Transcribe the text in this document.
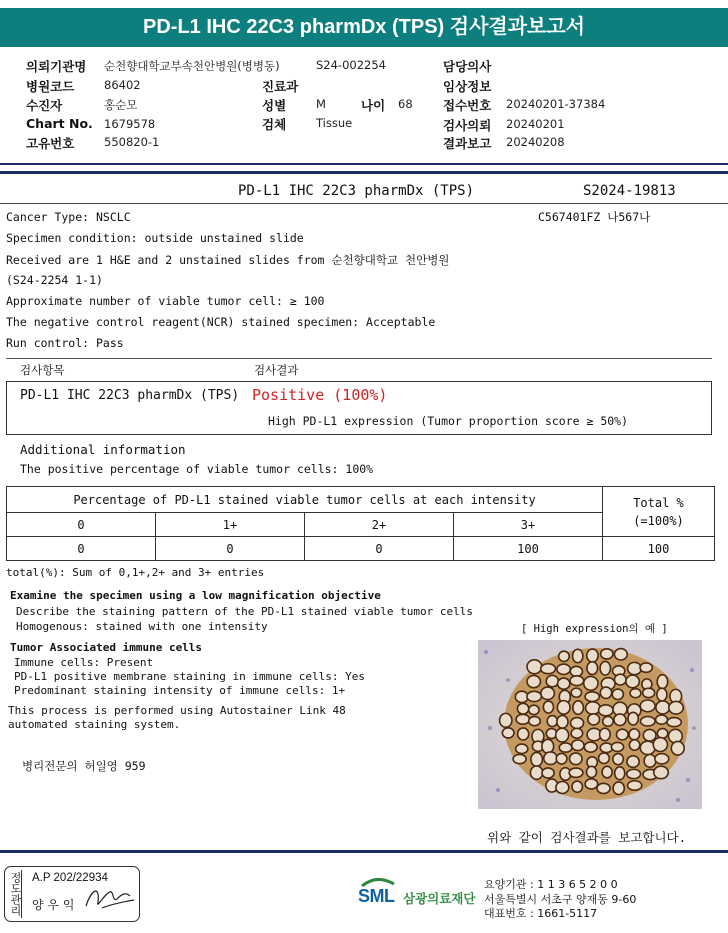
PD-L1 IHC 22C3 pharmDx (TPS) 검사결과보고서
의뢰기관명 순천향대학교부속천안병원(병병동)	S24-002254	담당의사
병원코드	86402	진료과	임상정보
수진자	홍순모	성별	M	나이 68 접수번호 20240201-37384
Chart No. 1679578	검체	Tissue	검사의뢰 20240201
고유번호	550820-1	결과보고 20240208
PD-L1 IHC 22C3 pharmDx (TPS)	S2024-19813
C567401FZ 나567나
Cancer Type: NSCLC
Specimen condition: outside unstained slide
Received are 1 H&E and 2 unstained slides from 순천향대학교 천안병원
(S24-2254 1-1)
Approximate number of viable tumor cell: ≥ 100
The negative control reagent(NCR) stained specimen: Acceptable
Run control: Pass
검사항목	검사결과
PD-L1 IHC 22C3 pharmDx (TPS) Positive (100%)
High PD-L1 expression (Tumor proportion score ≥ 50%)
Additional information
The positive percentage of viable tumor cells: 100%
Percentage of PD-L1 stained viable tumor cells at each intensity				Total %
(=100%)

0	1+	2+	3+	
0	0	0	100	100
total(%): Sum of 0,1+,2+ and 3+ entries
Examine the specimen using a low magnification objective
Describe the staining pattern of the PD-L1 stained viable tumor cells
Homogenous: stained with one intensity	[ High expression의 예 ]
Tumor Associated immune cells
Immune cells: Present
PD-L1 positive membrane staining in immune cells: Yes
Predominant staining intensity of immune cells: 1+
This process is performed using Autostainer Link 48
automated staining system.
병리전문의 허일영 959
위와 같이 검사결과를 보고합니다.
정도관리 A.P 202/22934
양 우 익	SML 삼광의료재단
요양기관 : 1 1 3 6 5 2 0 0
서울특별시 서초구 양재동 9-60
대표번호 : 1661-5117
